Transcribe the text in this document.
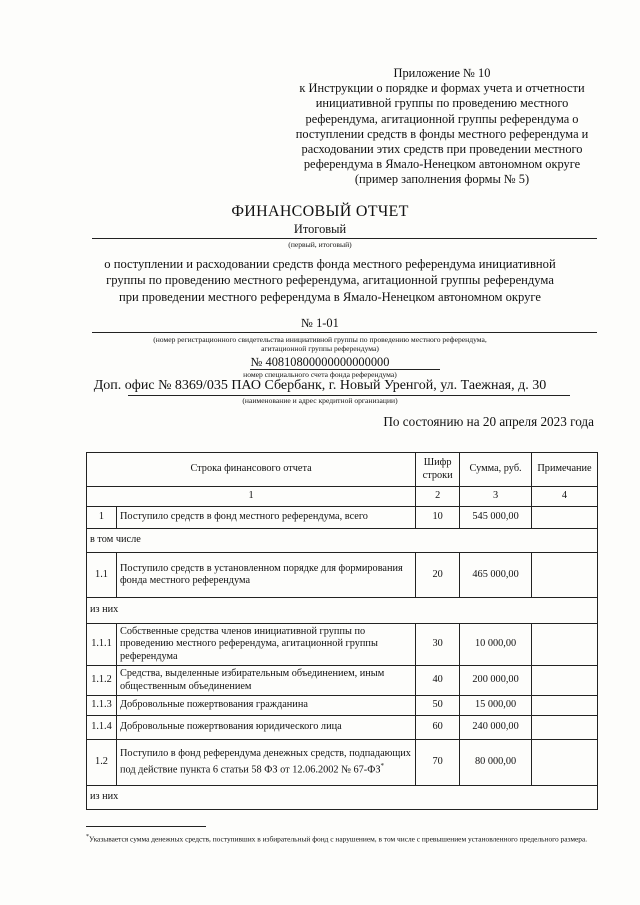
Приложение № 10
к Инструкции о порядке и формах учета и отчетности
инициативной группы по проведению местного
референдума, агитационной группы референдума о
поступлении средств в фонды местного референдума и
расходовании этих средств при проведении местного
референдума в Ямало-Ненецком автономном округе
(пример заполнения формы № 5)
ФИНАНСОВЫЙ ОТЧЕТ
Итоговый
(первый, итоговый)
о поступлении и расходовании средств фонда местного референдума инициативной
группы по проведению местного референдума, агитационной группы референдума
при проведении местного референдума в Ямало-Ненецком автономном округе
№ 1-01
(номер регистрационного свидетельства инициативной группы по проведению местного референдума,
агитационной группы референдума)
№ 40810800000000000000
номер специального счета фонда референдума)
Доп. офис № 8369/035 ПАО Сбербанк, г. Новый Уренгой, ул. Таежная, д. 30
(наименование и адрес кредитной организации)
По состоянию на 20 апреля 2023 года
Строка финансового отчета		Шифр строки	Сумма, руб.	Примечание
1		2	3	4
1	Поступило средств в фонд местного референдума, всего	10	545 000,00	
в том числе				
1.1	Поступило средств в установленном порядке для формирования фонда местного референдума	20	465 000,00	
из них				
1.1.1	Собственные средства членов инициативной группы по проведению местного референдума, агитационной группы референдума	30	10 000,00	
1.1.2	Средства, выделенные избирательным объединением, иным общественным объединением	40	200 000,00	
1.1.3	Добровольные пожертвования гражданина	50	15 000,00	
1.1.4	Добровольные пожертвования юридического лица	60	240 000,00	
1.2	Поступило в фонд референдума денежных средств, подпадающих под действие пункта 6 статьи 58 ФЗ от 12.06.2002 № 67-ФЗ*	70	80 000,00	
из них				
*Указывается сумма денежных средств, поступивших в избирательный фонд с нарушением, в том числе с превышением установленного предельного размера.
